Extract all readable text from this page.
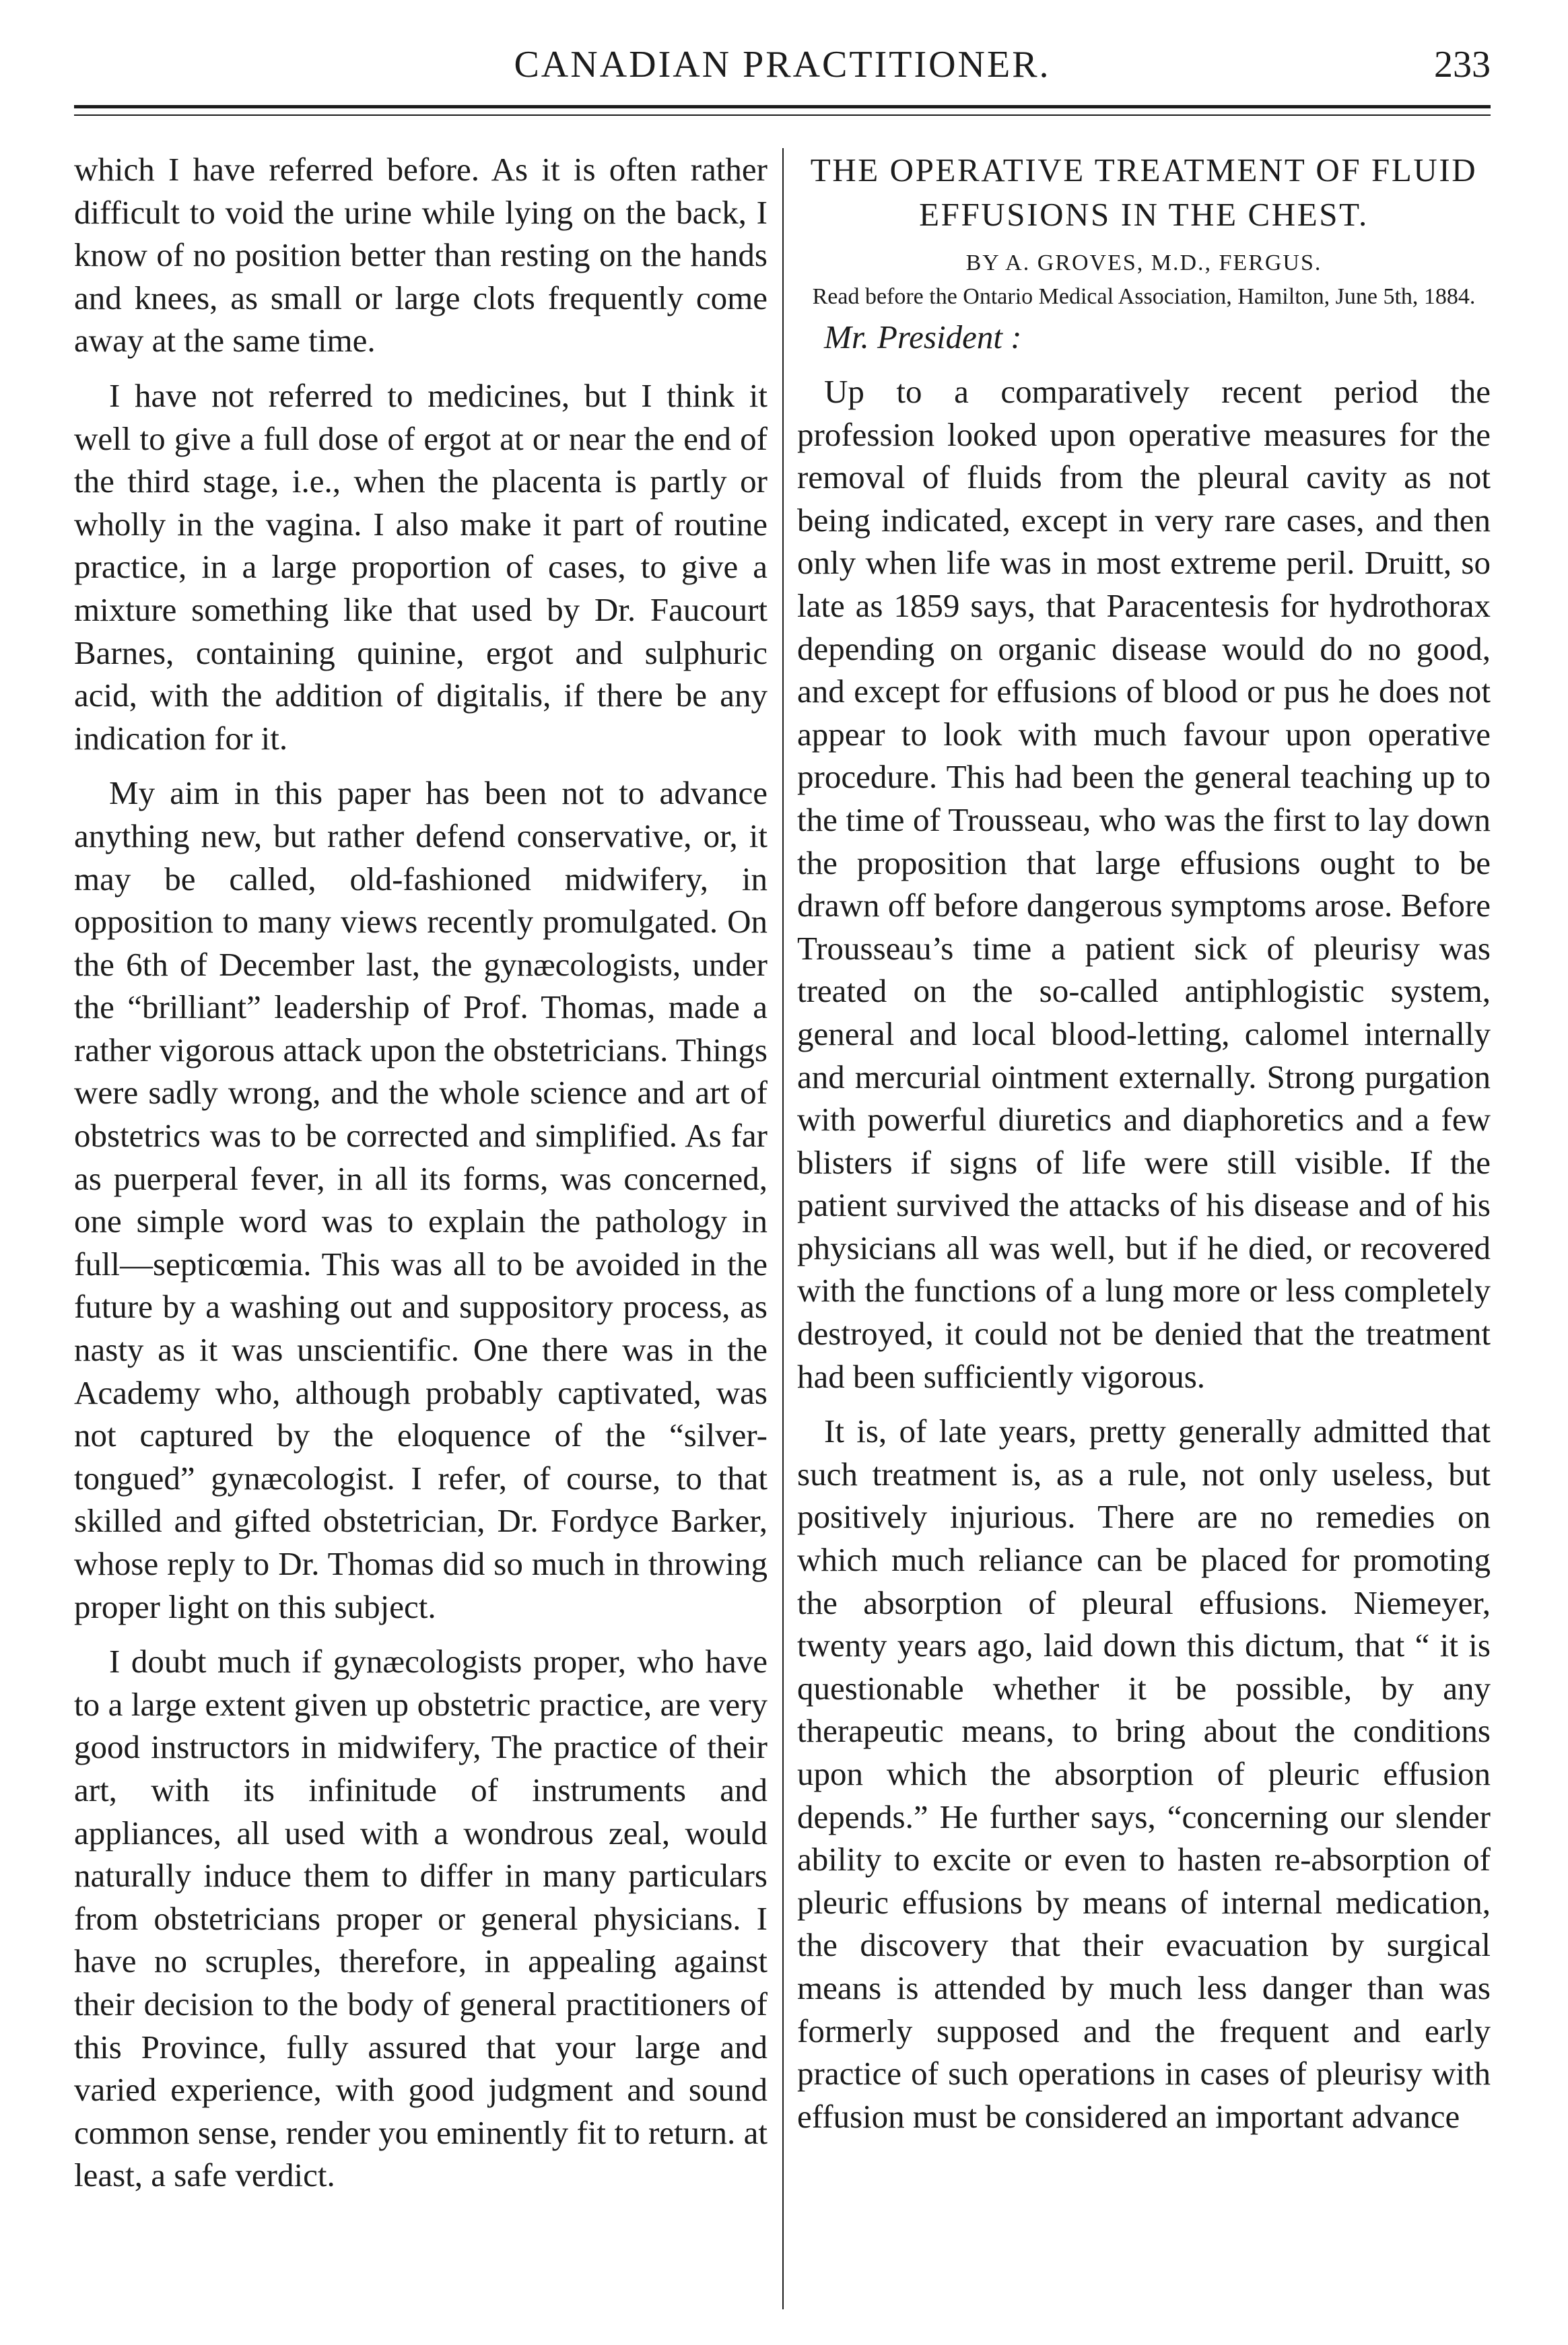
CANADIAN PRACTITIONER.	233

which I have referred before. As it is often rather difficult to void the urine while lying on the back, I know of no position better than resting on the hands and knees, as small or large clots frequently come away at the same time.

I have not referred to medicines, but I think it well to give a full dose of ergot at or near the end of the third stage, i.e., when the placenta is partly or wholly in the vagina. I also make it part of routine practice, in a large proportion of cases, to give a mixture something like that used by Dr. Faucourt Barnes, containing quinine, ergot and sulphuric acid, with the addition of digitalis, if there be any indication for it.

My aim in this paper has been not to advance anything new, but rather defend conservative, or, it may be called, old-fashioned midwifery, in opposition to many views recently promulgated. On the 6th of December last, the gynæcologists, under the “brilliant” leadership of Prof. Thomas, made a rather vigorous attack upon the obstetricians. Things were sadly wrong, and the whole science and art of obstetrics was to be corrected and simplified. As far as puerperal fever, in all its forms, was concerned, one simple word was to explain the pathology in full—septicœmia. This was all to be avoided in the future by a washing out and suppository process, as nasty as it was unscientific. One there was in the Academy who, although probably captivated, was not captured by the eloquence of the “silver-tongued” gynæcologist. I refer, of course, to that skilled and gifted obstetrician, Dr. Fordyce Barker, whose reply to Dr. Thomas did so much in throwing proper light on this subject.

I doubt much if gynæcologists proper, who have to a large extent given up obstetric practice, are very good instructors in midwifery, The practice of their art, with its infinitude of instruments and appliances, all used with a wondrous zeal, would naturally induce them to differ in many particulars from obstetricians proper or general physicians. I have no scruples, therefore, in appealing against their decision to the body of general practitioners of this Province, fully assured that your large and varied experience, with good judgment and sound common sense, render you eminently fit to return. at least, a safe verdict.

THE OPERATIVE TREATMENT OF FLUID EFFUSIONS IN THE CHEST.
BY A. GROVES, M.D., FERGUS.
Read before the Ontario Medical Association, Hamilton, June 5th, 1884.

Mr. President :

Up to a comparatively recent period the profession looked upon operative measures for the removal of fluids from the pleural cavity as not being indicated, except in very rare cases, and then only when life was in most extreme peril. Druitt, so late as 1859 says, that Paracentesis for hydrothorax depending on organic disease would do no good, and except for effusions of blood or pus he does not appear to look with much favour upon operative procedure. This had been the general teaching up to the time of Trousseau, who was the first to lay down the proposition that large effusions ought to be drawn off before dangerous symptoms arose. Before Trousseau’s time a patient sick of pleurisy was treated on the so-called antiphlogistic system, general and local blood-letting, calomel internally and mercurial ointment externally. Strong purgation with powerful diuretics and diaphoretics and a few blisters if signs of life were still visible. If the patient survived the attacks of his disease and of his physicians all was well, but if he died, or recovered with the functions of a lung more or less completely destroyed, it could not be denied that the treatment had been sufficiently vigorous.

It is, of late years, pretty generally admitted that such treatment is, as a rule, not only useless, but positively injurious. There are no remedies on which much reliance can be placed for promoting the absorption of pleural effusions. Niemeyer, twenty years ago, laid down this dictum, that “ it is questionable whether it be possible, by any therapeutic means, to bring about the conditions upon which the absorption of pleuric effusion depends.” He further says, “concerning our slender ability to excite or even to hasten re-absorption of pleuric effusions by means of internal medication, the discovery that their evacuation by surgical means is attended by much less danger than was formerly supposed and the frequent and early practice of such operations in cases of pleurisy with effusion must be considered an important advance
